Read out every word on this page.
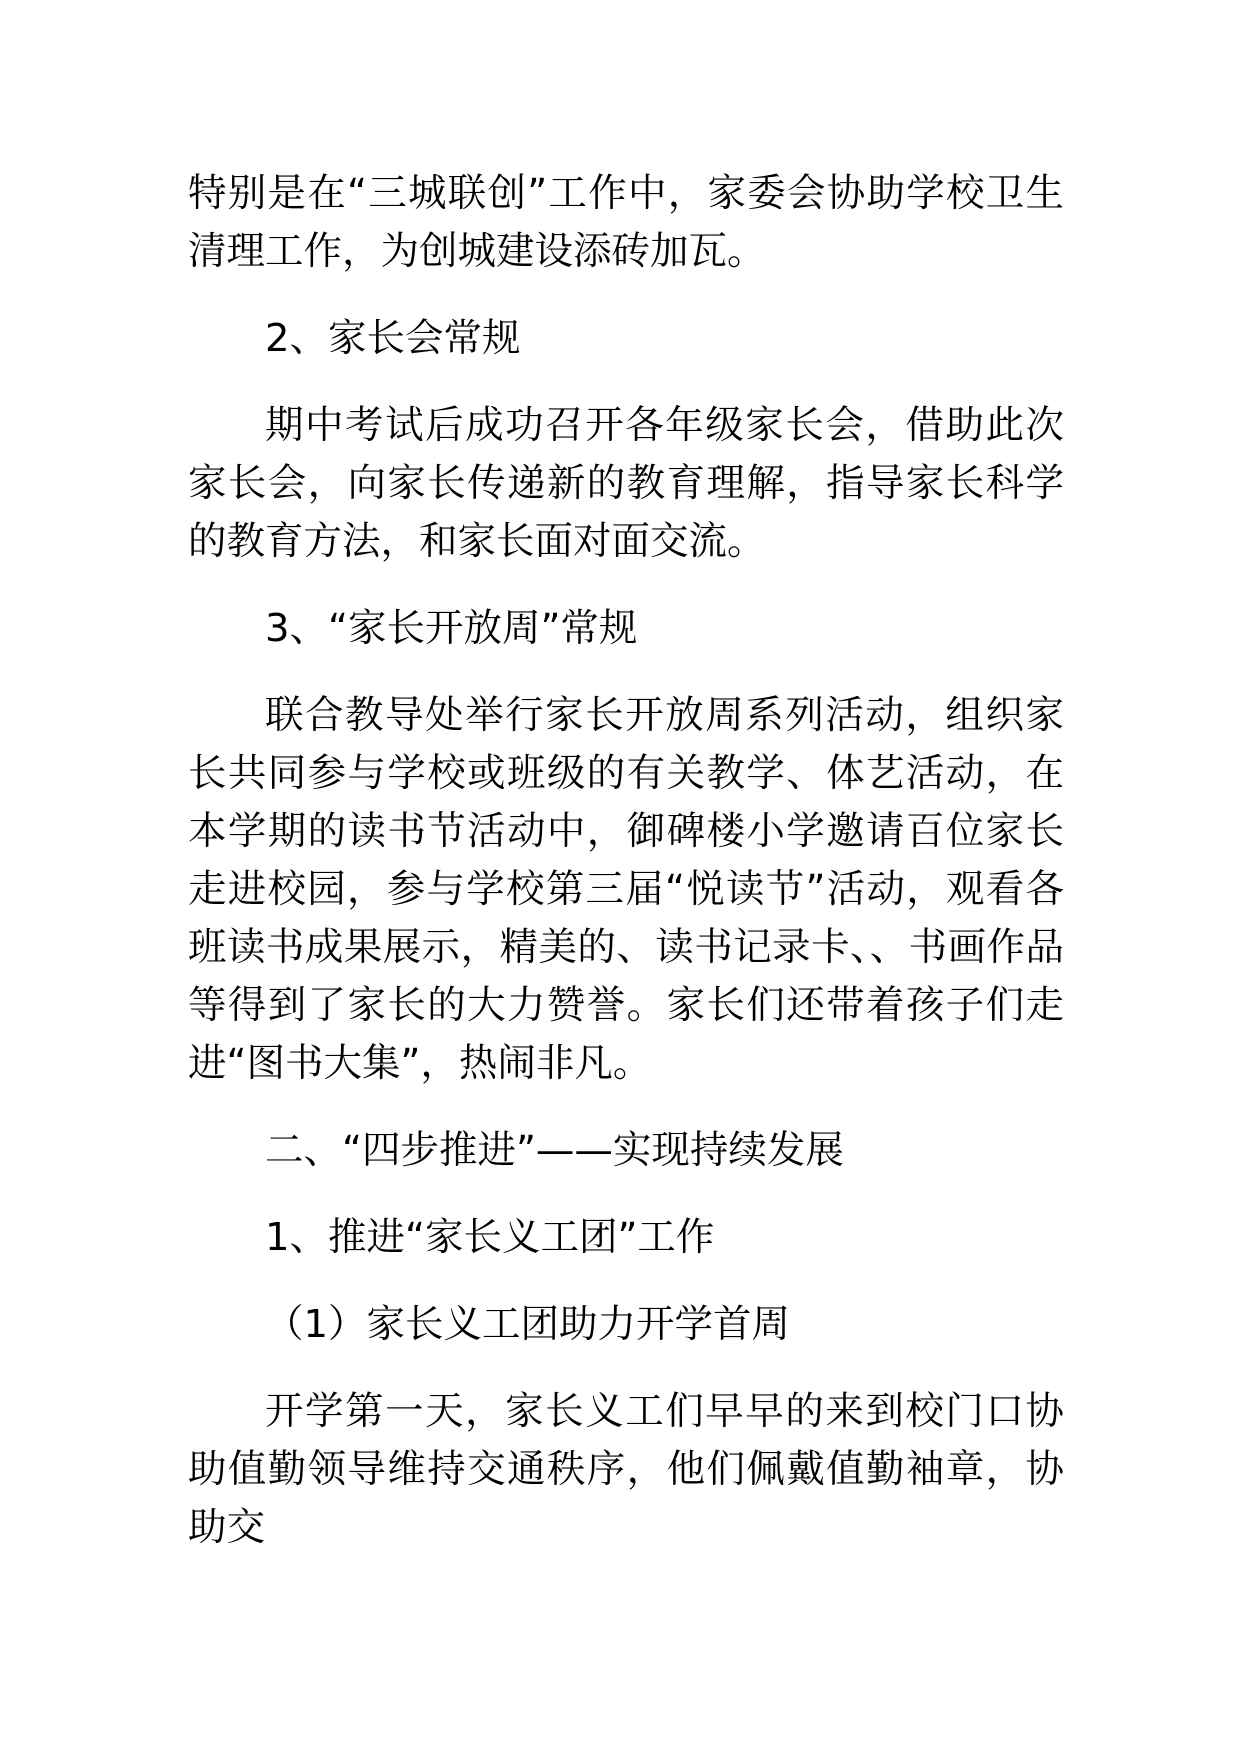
特别是在“三城联创”工作中，家委会协助学校卫生清理工作，为创城建设添砖加瓦。

2、家长会常规

期中考试后成功召开各年级家长会，借助此次家长会，向家长传递新的教育理解，指导家长科学的教育方法，和家长面对面交流。

3、“家长开放周”常规

联合教导处举行家长开放周系列活动，组织家长共同参与学校或班级的有关教学、体艺活动，在本学期的读书节活动中，御碑楼小学邀请百位家长走进校园，参与学校第三届“悦读节”活动，观看各班读书成果展示，精美的、读书记录卡、、书画作品等得到了家长的大力赞誉。家长们还带着孩子们走进“图书大集”，热闹非凡。

二、“四步推进”——实现持续发展

1、推进“家长义工团”工作

（1）家长义工团助力开学首周

开学第一天，家长义工们早早的来到校门口协助值勤领导维持交通秩序，他们佩戴值勤袖章，协助交
